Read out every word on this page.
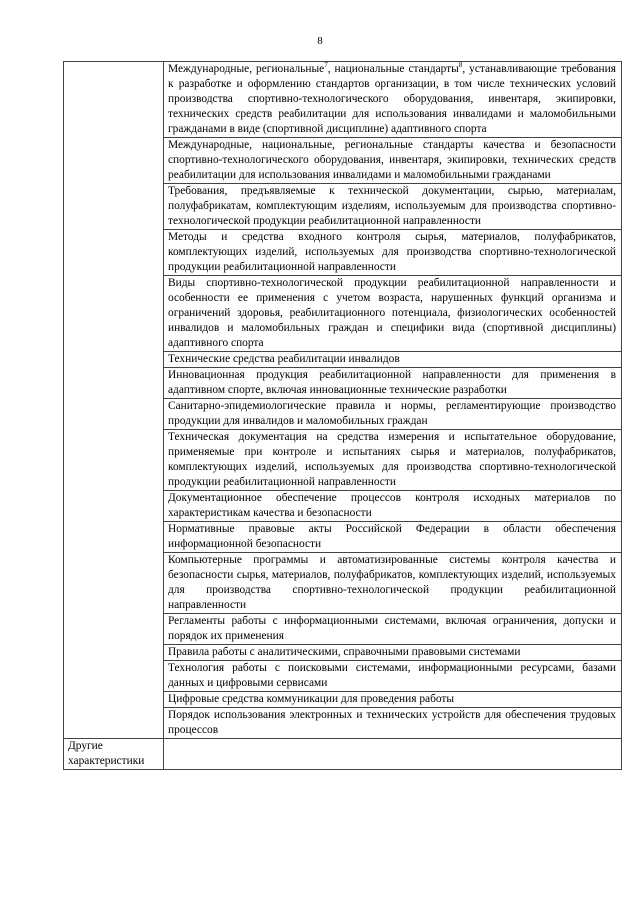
8
	Международные, региональные$^7$, национальные стандарты$^8$, устанавливающие требования к разработке и оформлению стандартов организации, в том числе технических условий производства спортивно-технологического оборудования, инвентаря, экипировки, технических средств реабилитации для использования инвалидами и маломобильными гражданами в виде (спортивной дисциплине) адаптивного спорта
	Международные, национальные, региональные стандарты качества и безопасности спортивно-технологического оборудования, инвентаря, экипировки, технических средств реабилитации для использования инвалидами и маломобильными гражданами
	Требования, предъявляемые к технической документации, сырью, материалам, полуфабрикатам, комплектующим изделиям, используемым для производства спортивно-технологической продукции реабилитационной направленности
	Методы и средства входного контроля сырья, материалов, полуфабрикатов, комплектующих изделий, используемых для производства спортивно-технологической продукции реабилитационной направленности
	Виды спортивно-технологической продукции реабилитационной направленности и особенности ее применения с учетом возраста, нарушенных функций организма и ограничений здоровья, реабилитационного потенциала, физиологических особенностей инвалидов и маломобильных граждан и специфики вида (спортивной дисциплины) адаптивного спорта
	Технические средства реабилитации инвалидов
	Инновационная продукция реабилитационной направленности для применения в адаптивном спорте, включая инновационные технические разработки
	Санитарно-эпидемиологические правила и нормы, регламентирующие производство продукции для инвалидов и маломобильных граждан
	Техническая документация на средства измерения и испытательное оборудование, применяемые при контроле и испытаниях сырья и материалов, полуфабрикатов, комплектующих изделий, используемых для производства спортивно-технологической продукции реабилитационной направленности
	Документационное обеспечение процессов контроля исходных материалов по характеристикам качества и безопасности
	Нормативные правовые акты Российской Федерации в области обеспечения информационной безопасности
	Компьютерные программы и автоматизированные системы контроля качества и безопасности сырья, материалов, полуфабрикатов, комплектующих изделий, используемых для производства спортивно-технологической продукции реабилитационной направленности
	Регламенты работы с информационными системами, включая ограничения, допуски и порядок их применения
	Правила работы с аналитическими, справочными правовыми системами
	Технология работы с поисковыми системами, информационными ресурсами, базами данных и цифровыми сервисами
	Цифровые средства коммуникации для проведения работы
	Порядок использования электронных и технических устройств для обеспечения трудовых процессов
Другие характеристики	
